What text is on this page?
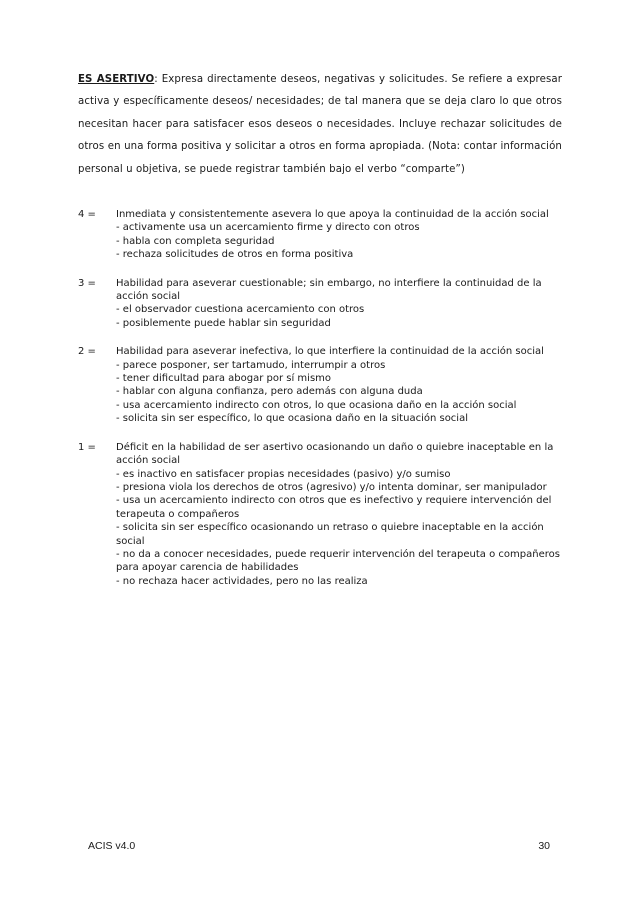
ES ASERTIVO: Expresa directamente deseos, negativas y solicitudes. Se refiere a expresar activa y específicamente deseos/ necesidades; de tal manera que se deja claro lo que otros necesitan hacer para satisfacer esos deseos o necesidades. Incluye rechazar solicitudes de otros en una forma positiva y solicitar a otros en forma apropiada. (Nota: contar información personal u objetiva, se puede registrar también bajo el verbo “comparte”)

4 =	Inmediata y consistentemente asevera lo que apoya la continuidad de la acción social
- activamente usa un acercamiento firme y directo con otros
- habla con completa seguridad
- rechaza solicitudes de otros en forma positiva
3 =	Habilidad para aseverar cuestionable; sin embargo, no interfiere la continuidad de la acción social
- el observador cuestiona acercamiento con otros
- posiblemente puede hablar sin seguridad
2 =	Habilidad para aseverar inefectiva, lo que interfiere la continuidad de la acción social
- parece posponer, ser tartamudo, interrumpir a otros
- tener dificultad para abogar por sí mismo
- hablar con alguna confianza, pero además con alguna duda
- usa acercamiento indirecto con otros, lo que ocasiona daño en la acción social
- solicita sin ser específico, lo que ocasiona daño en la situación social
1 =	Déficit en la habilidad de ser asertivo ocasionando un daño o quiebre inaceptable en la acción social
- es inactivo en satisfacer propias necesidades (pasivo) y/o sumiso
- presiona viola los derechos de otros (agresivo) y/o intenta dominar, ser manipulador
- usa un acercamiento indirecto con otros que es inefectivo y requiere intervención del terapeuta o compañeros
- solicita sin ser específico ocasionando un retraso o quiebre inaceptable en la acción social
- no da a conocer necesidades, puede requerir intervención del terapeuta o compañeros para apoyar carencia de habilidades
- no rechaza hacer actividades, pero no las realiza
ACIS v4.0	30
